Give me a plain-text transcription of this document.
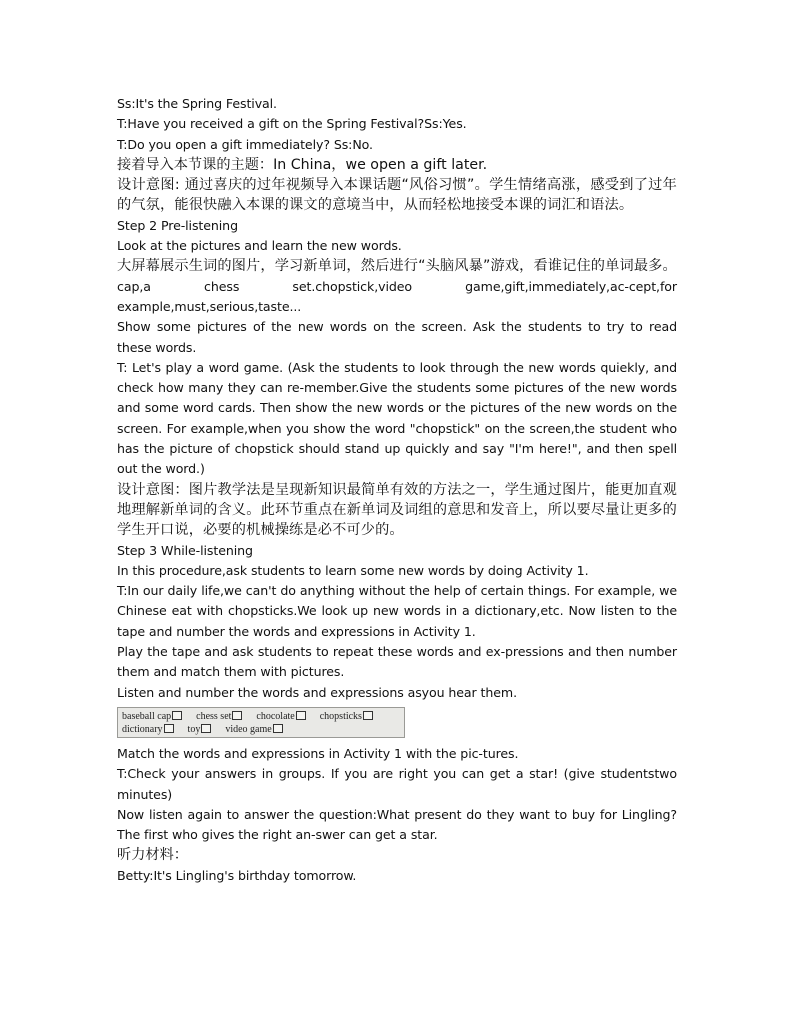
Ss:It's the Spring Festival.

T:Have you received a gift on the Spring Festival?Ss:Yes.

T:Do you open a gift immediately? Ss:No.

接着导入本节课的主题：In China，we open a gift later.

设计意图: 通过喜庆的过年视频导入本课话题“风俗习惯”。学生情绪高涨，感受到了过年的气氛，能很快融入本课的课文的意境当中，从而轻松地接受本课的词汇和语法。

Step 2 Pre-listening

Look at the pictures and learn the new words.

大屏幕展示生词的图片，学习新单词，然后进行“头脑风暴”游戏，看谁记住的单词最多。

cap,a	chess	set.chopstick,video	game,gift,immediately,ac-cept,for

example,must,serious,taste...

Show some pictures of the new words on the screen. Ask the students to try to read these words.

T: Let's play a word game. (Ask the students to look through the new words quiekly, and check how many they can re-member.Give the students some pictures of the new words and some word cards. Then show the new words or the pictures of the new words on the screen. For example,when you show the word "chopstick" on the screen,the student who has the picture of chopstick should stand up quickly and say "I'm here!", and then spell out the word.)

设计意图：图片教学法是呈现新知识最简单有效的方法之一，学生通过图片，能更加直观地理解新单词的含义。此环节重点在新单词及词组的意思和发音上，所以要尽量让更多的学生开口说，必要的机械操练是必不可少的。

Step 3 While-listening

In this procedure,ask students to learn some new words by doing Activity 1.

T:In our daily life,we can't do anything without the help of certain things. For example, we Chinese eat with chopsticks.We look up new words in a dictionary,etc. Now listen to the tape and number the words and expressions in Activity 1.

Play the tape and ask students to repeat these words and ex-pressions and then number them and match them with pictures.

Listen and number the words and expressions asyou hear them.

baseball cap	chess set	chocolate	chopsticks
dictionary	toy	video game

Match the words and expressions in Activity 1 with the pic-tures.

T:Check your answers in groups. If you are right you can get a star! (give studentstwo minutes)

Now listen again to answer the question:What present do they want to buy for Lingling? The first who gives the right an-swer can get a star.

听力材料：

Betty:It's Lingling's birthday tomorrow.
